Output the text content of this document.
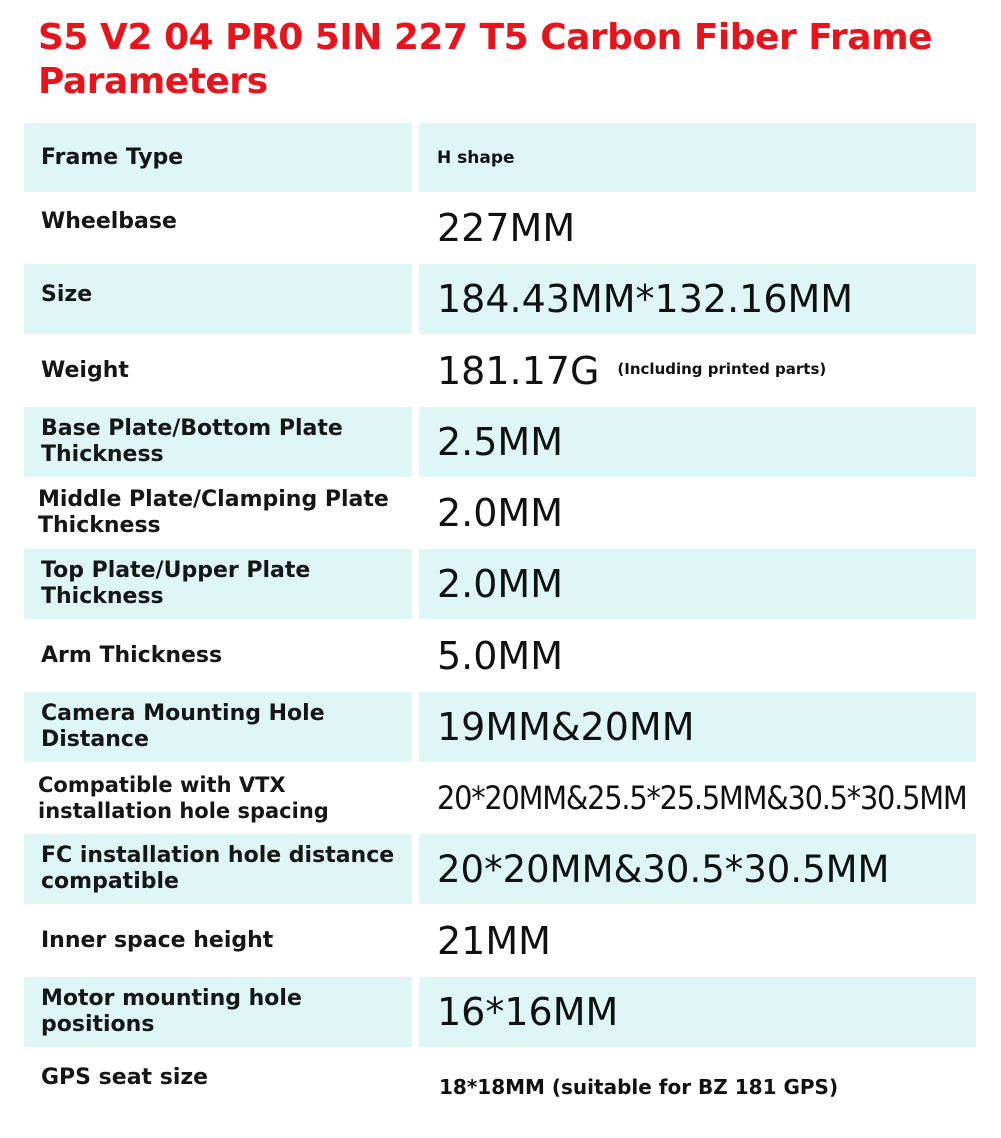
S5 V2 04 PR0 5IN 227 T5 Carbon Fiber Frame Parameters
Frame Type	H shape
Wheelbase	227MM
Size	184.43MM*132.16MM
Weight	181.17G (Including printed parts)
Base Plate/Bottom Plate Thickness	2.5MM
Middle Plate/Clamping Plate Thickness	2.0MM
Top Plate/Upper Plate Thickness	2.0MM
Arm Thickness	5.0MM
Camera Mounting Hole Distance	19MM&20MM
Compatible with VTX installation hole spacing	20*20MM&25.5*25.5MM&30.5*30.5MM
FC installation hole distance compatible	20*20MM&30.5*30.5MM
Inner space height	21MM
Motor mounting hole positions	16*16MM
GPS seat size	18*18MM (suitable for BZ 181 GPS)
